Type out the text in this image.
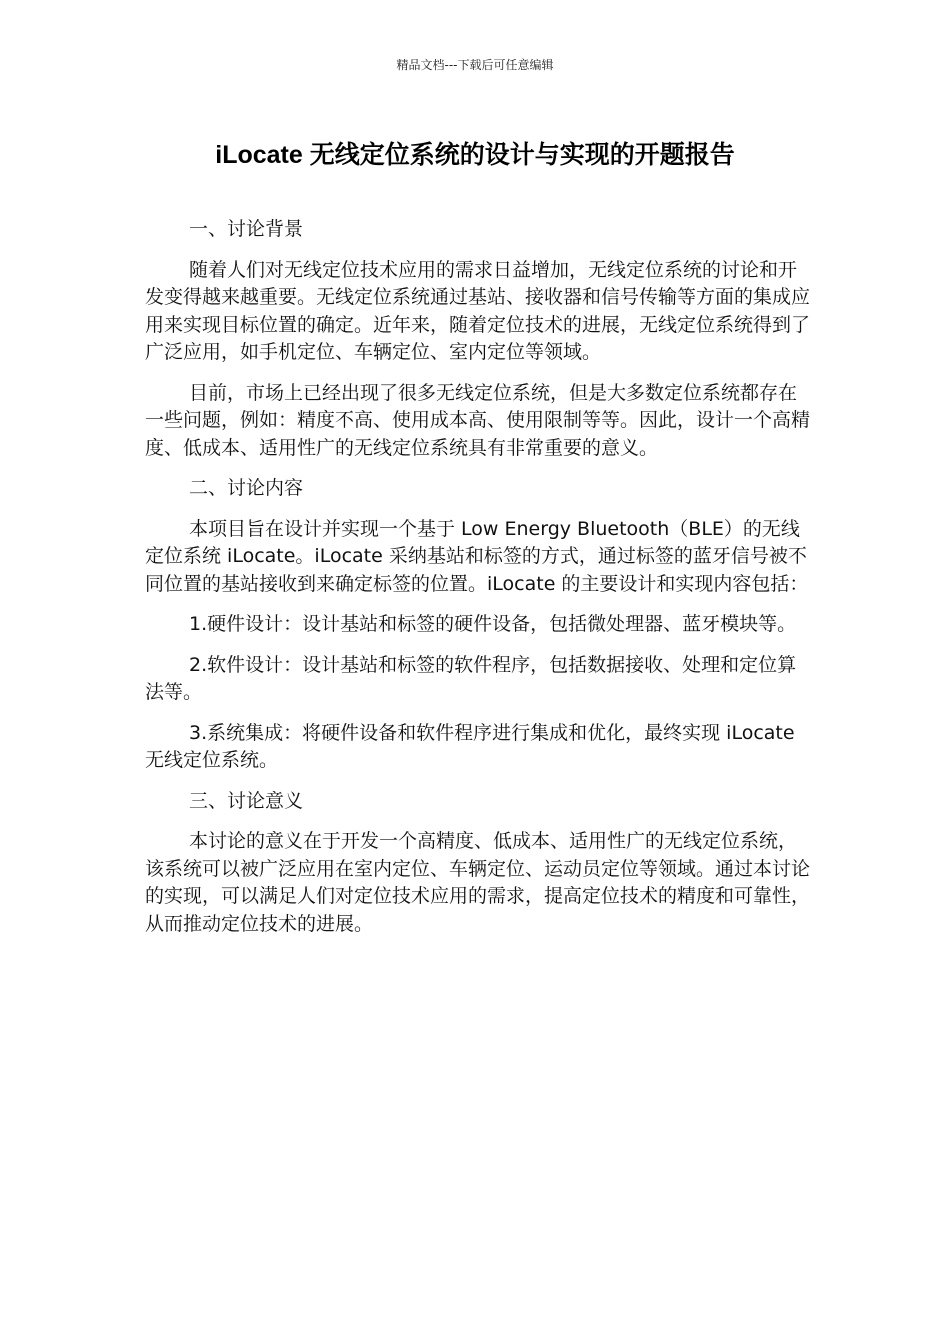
精品文档---下载后可任意编辑
iLocate 无线定位系统的设计与实现的开题报告
一、讨论背景

随着人们对无线定位技术应用的需求日益增加，无线定位系统的讨论和开发变得越来越重要。无线定位系统通过基站、接收器和信号传输等方面的集成应用来实现目标位置的确定。近年来，随着定位技术的进展，无线定位系统得到了广泛应用，如手机定位、车辆定位、室内定位等领域。

目前，市场上已经出现了很多无线定位系统，但是大多数定位系统都存在一些问题，例如：精度不高、使用成本高、使用限制等等。因此，设计一个高精度、低成本、适用性广的无线定位系统具有非常重要的意义。

二、讨论内容

本项目旨在设计并实现一个基于 Low Energy Bluetooth（BLE）的无线定位系统 iLocate。iLocate 采纳基站和标签的方式，通过标签的蓝牙信号被不同位置的基站接收到来确定标签的位置。iLocate 的主要设计和实现内容包括：

1.硬件设计：设计基站和标签的硬件设备，包括微处理器、蓝牙模块等。

2.软件设计：设计基站和标签的软件程序，包括数据接收、处理和定位算法等。

3.系统集成：将硬件设备和软件程序进行集成和优化，最终实现 iLocate 无线定位系统。

三、讨论意义

本讨论的意义在于开发一个高精度、低成本、适用性广的无线定位系统，该系统可以被广泛应用在室内定位、车辆定位、运动员定位等领域。通过本讨论的实现，可以满足人们对定位技术应用的需求，提高定位技术的精度和可靠性，从而推动定位技术的进展。
